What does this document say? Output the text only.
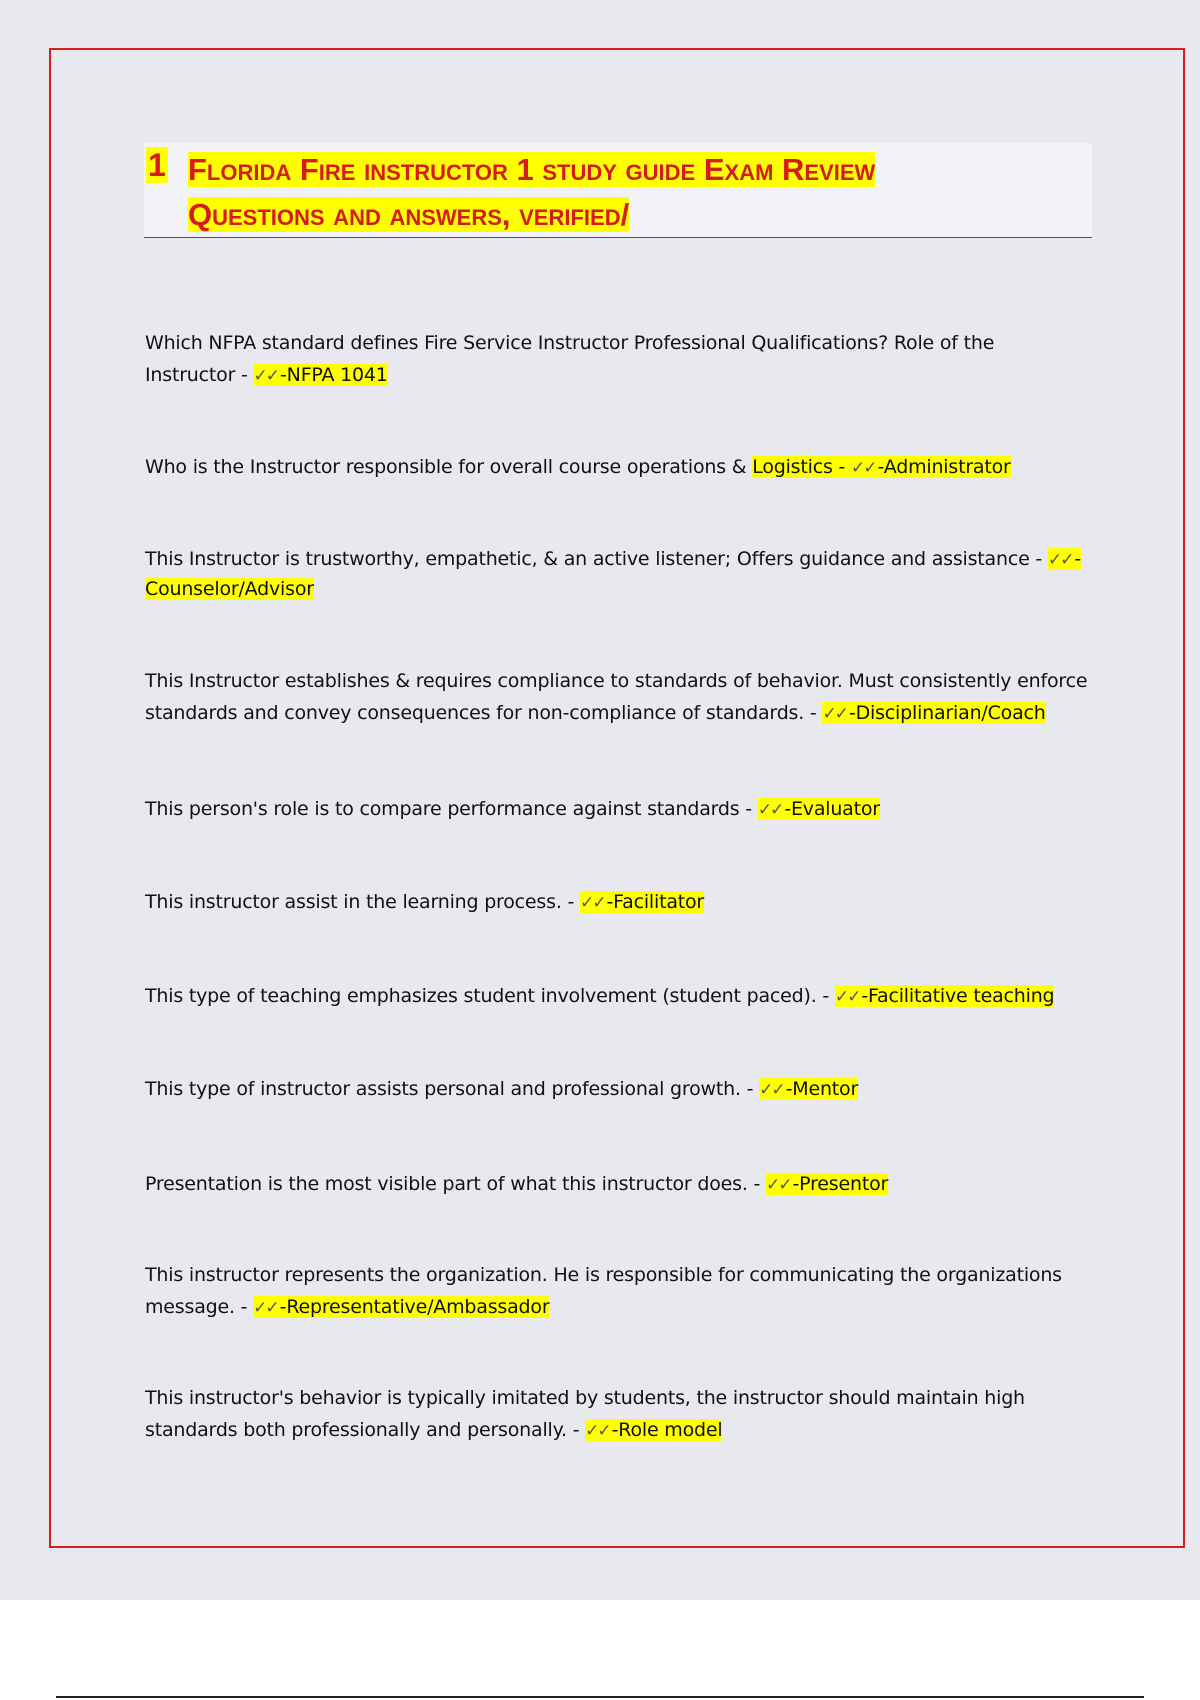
1 Florida Fire instructor 1 study guide Exam Review
Questions and answers, verified/
Which NFPA standard defines Fire Service Instructor Professional Qualifications? Role of the Instructor - ✓✓ -NFPA 1041
Who is the Instructor responsible for overall course operations & Logistics - ✓✓ -Administrator
This Instructor is trustworthy, empathetic, & an active listener; Offers guidance and assistance - ✓✓ -Counselor/Advisor
This Instructor establishes & requires compliance to standards of behavior. Must consistently enforce standards and convey consequences for non-compliance of standards. - ✓✓ -Disciplinarian/Coach
This person's role is to compare performance against standards - ✓✓ -Evaluator
This instructor assist in the learning process. - ✓✓ -Facilitator
This type of teaching emphasizes student involvement (student paced). - ✓✓ -Facilitative teaching
This type of instructor assists personal and professional growth. - ✓✓ -Mentor
Presentation is the most visible part of what this instructor does. - ✓✓ -Presentor
This instructor represents the organization. He is responsible for communicating the organizations message. - ✓✓ -Representative/Ambassador
This instructor's behavior is typically imitated by students, the instructor should maintain high standards both professionally and personally. - ✓✓ -Role model
